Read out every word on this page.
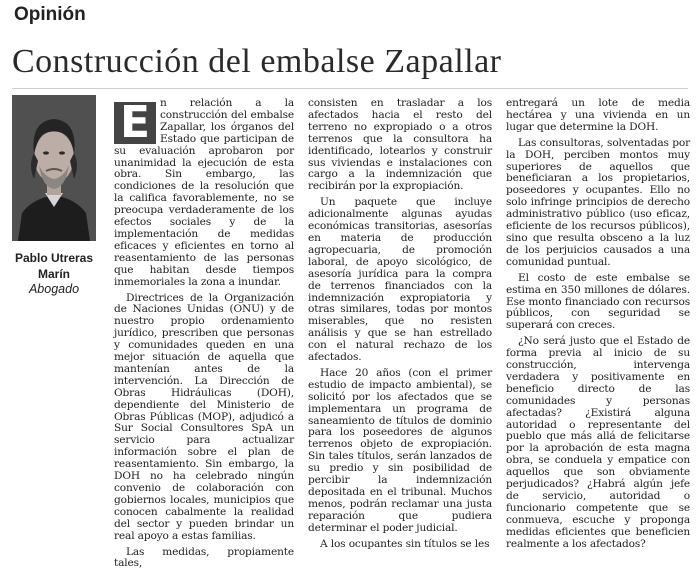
Opinión
Construcción del embalse Zapallar

Pablo Utreras Marín

Abogado

E n relación a la construcción del embalse Zapallar, los órganos del Estado que participan de su evaluación aprobaron por unanimidad la ejecución de esta obra. Sin embargo, las condiciones de la resolución que la califica favorablemente, no se preocupa verdaderamente de los efectos sociales y de la implementación de medidas eficaces y eficientes en torno al reasentamiento de las personas que habitan desde tiempos inmemoriales la zona a inundar.

Directrices de la Organización de Naciones Unidas (ONU) y de nuestro propio ordenamiento jurídico, prescriben que personas y comunidades queden en una mejor situación de aquella que mantenían antes de la intervención. La Dirección de Obras Hidráulicas (DOH), dependiente del Ministerio de Obras Públicas (MOP), adjudicó a Sur Social Consultores SpA un servicio para actualizar información sobre el plan de reasentamiento. Sin embargo, la DOH no ha celebrado ningún convenio de colaboración con gobiernos locales, municipios que conocen cabalmente la realidad del sector y pueden brindar un real apoyo a estas familias.

Las medidas, propiamente tales,

consisten en trasladar a los afectados hacia el resto del terreno no expropiado o a otros terrenos que la consultora ha identificado, lotearlos y construir sus viviendas e instalaciones con cargo a la indemnización que recibirán por la expropiación.

Un paquete que incluye adicionalmente algunas ayudas económicas transitorias, asesorías en materia de producción agropecuaria, de promoción laboral, de apoyo sicológico, de asesoría jurídica para la compra de terrenos financiados con la indemnización expropiatoria y otras similares, todas por montos miserables, que no resisten análisis y que se han estrellado con el natural rechazo de los afectados.

Hace 20 años (con el primer estudio de impacto ambiental), se solicitó por los afectados que se implementara un programa de saneamiento de títulos de dominio para los poseedores de algunos terrenos objeto de expropiación. Sin tales títulos, serán lanzados de su predio y sin posibilidad de percibir la indemnización depositada en el tribunal. Muchos menos, podrán reclamar una justa reparación que pudiera determinar el poder judicial.

A los ocupantes sin títulos se les

entregará un lote de media hectárea y una vivienda en un lugar que determine la DOH.

Las consultoras, solventadas por la DOH, perciben montos muy superiores de aquellos que beneficiaran a los propietarios, poseedores y ocupantes. Ello no solo infringe principios de derecho administrativo público (uso eficaz, eficiente de los recursos públicos), sino que resulta obsceno a la luz de los perjuicios causados a una comunidad puntual.

El costo de este embalse se estima en 350 millones de dólares. Ese monto financiado con recursos públicos, con seguridad se superará con creces.

¿No será justo que el Estado de forma previa al inicio de su construcción, intervenga verdadera y positivamente en beneficio directo de las comunidades y personas afectadas? ¿Existirá alguna autoridad o representante del pueblo que más allá de felicitarse por la aprobación de esta magna obra, se conduela y empatice con aquellos que son obviamente perjudicados? ¿Habrá algún jefe de servicio, autoridad o funcionario competente que se conmueva, escuche y proponga medidas eficientes que beneficien realmente a los afectados?
